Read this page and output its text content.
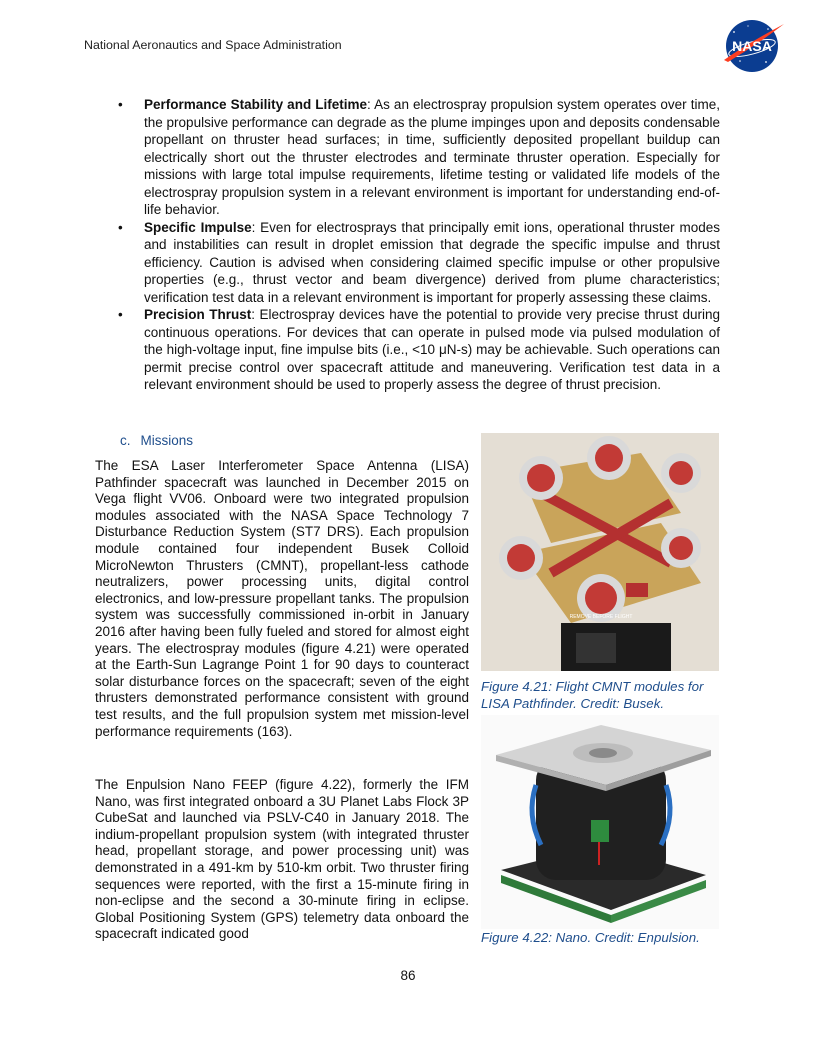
National Aeronautics and Space Administration	NASA
• Performance Stability and Lifetime: As an electrospray propulsion system operates over time, the propulsive performance can degrade as the plume impinges upon and deposits condensable propellant on thruster head surfaces; in time, sufficiently deposited propellant buildup can electrically short out the thruster electrodes and terminate thruster operation. Especially for missions with large total impulse requirements, lifetime testing or validated life models of the electrospray propulsion system in a relevant environment is important for understanding end-of-life behavior.
• Specific Impulse: Even for electrosprays that principally emit ions, operational thruster modes and instabilities can result in droplet emission that degrade the specific impulse and thrust efficiency. Caution is advised when considering claimed specific impulse or other propulsive properties (e.g., thrust vector and beam divergence) derived from plume characteristics; verification test data in a relevant environment is important for properly assessing these claims.
• Precision Thrust: Electrospray devices have the potential to provide very precise thrust during continuous operations. For devices that can operate in pulsed mode via pulsed modulation of the high-voltage input, fine impulse bits (i.e., <10 μN-s) may be achievable. Such operations can permit precise control over spacecraft attitude and maneuvering. Verification test data in a relevant environment should be used to properly assess the degree of thrust precision.
c. Missions

The ESA Laser Interferometer Space Antenna (LISA) Pathfinder spacecraft was launched in December 2015 on Vega flight VV06. Onboard were two integrated propulsion modules associated with the NASA Space Technology 7 Disturbance Reduction System (ST7 DRS). Each propulsion module contained four independent Busek Colloid MicroNewton Thrusters (CMNT), propellant-less cathode neutralizers, power processing units, digital control electronics, and low-pressure propellant tanks. The propulsion system was successfully commissioned in-orbit in January 2016 after having been fully fueled and stored for almost eight years. The electrospray modules (figure 4.21) were operated at the Earth-Sun Lagrange Point 1 for 90 days to counteract solar disturbance forces on the spacecraft; seven of the eight thrusters demonstrated performance consistent with ground test results, and the full propulsion system met mission-level performance requirements (163).

The Enpulsion Nano FEEP (figure 4.22), formerly the IFM Nano, was first integrated onboard a 3U Planet Labs Flock 3P CubeSat and launched via PSLV-C40 in January 2018. The indium-propellant propulsion system (with integrated thruster head, propellant storage, and power processing unit) was demonstrated in a 491-km by 510-km orbit. Two thruster firing sequences were reported, with the first a 15-minute firing in non-eclipse and the second a 30-minute firing in eclipse. Global Positioning System (GPS) telemetry data onboard the spacecraft indicated good

REMOVE BEFORE FLIGHT
Figure 4.21: Flight CMNT modules for LISA Pathfinder. Credit: Busek.
Figure 4.22: Nano. Credit: Enpulsion.
86
